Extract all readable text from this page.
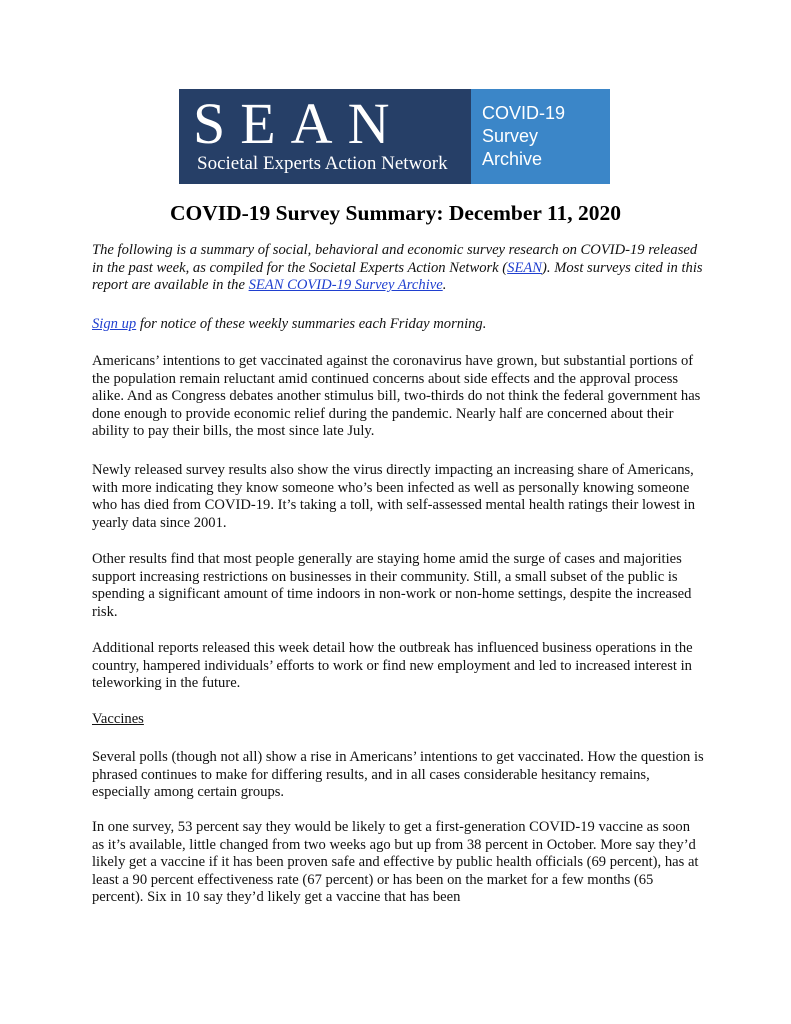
SEAN
Societal Experts Action Network
COVID-19
Survey
Archive
COVID-19 Survey Summary: December 11, 2020

The following is a summary of social, behavioral and economic survey research on COVID-19 released in the past week, as compiled for the Societal Experts Action Network (SEAN). Most surveys cited in this report are available in the SEAN COVID-19 Survey Archive.

Sign up for notice of these weekly summaries each Friday morning.

Americans’ intentions to get vaccinated against the coronavirus have grown, but substantial portions of the population remain reluctant amid continued concerns about side effects and the approval process alike. And as Congress debates another stimulus bill, two-thirds do not think the federal government has done enough to provide economic relief during the pandemic. Nearly half are concerned about their ability to pay their bills, the most since late July.

Newly released survey results also show the virus directly impacting an increasing share of Americans, with more indicating they know someone who’s been infected as well as personally knowing someone who has died from COVID-19. It’s taking a toll, with self-assessed mental health ratings their lowest in yearly data since 2001.

Other results find that most people generally are staying home amid the surge of cases and majorities support increasing restrictions on businesses in their community. Still, a small subset of the public is spending a significant amount of time indoors in non-work or non-home settings, despite the increased risk.

Additional reports released this week detail how the outbreak has influenced business operations in the country, hampered individuals’ efforts to work or find new employment and led to increased interest in teleworking in the future.

Vaccines

Several polls (though not all) show a rise in Americans’ intentions to get vaccinated. How the question is phrased continues to make for differing results, and in all cases considerable hesitancy remains, especially among certain groups.

In one survey, 53 percent say they would be likely to get a first-generation COVID-19 vaccine as soon as it’s available, little changed from two weeks ago but up from 38 percent in October. More say they’d likely get a vaccine if it has been proven safe and effective by public health officials (69 percent), has at least a 90 percent effectiveness rate (67 percent) or has been on the market for a few months (65 percent). Six in 10 say they’d likely get a vaccine that has been
